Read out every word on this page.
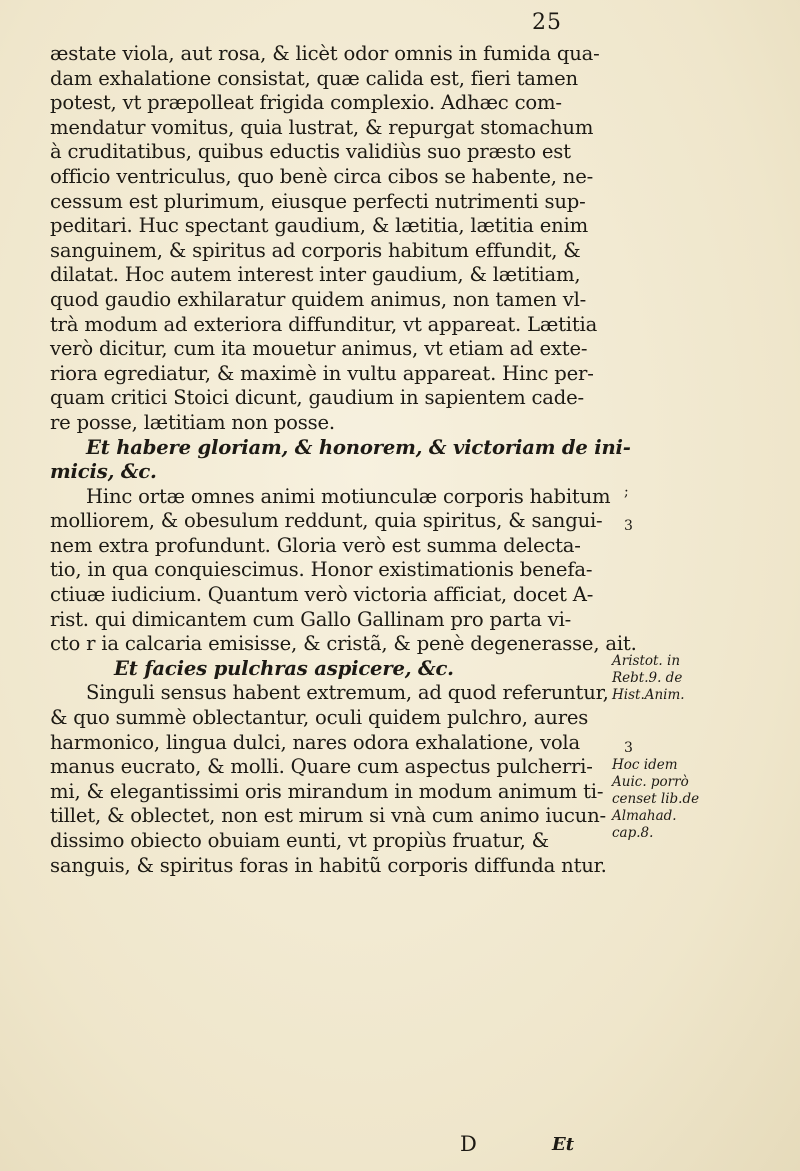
25
æstate viola, aut rosa, & licèt odor omnis in fumida qua-
dam exhalatione consistat, quæ calida est, fieri tamen
potest, vt præpolleat frigida complexio. Adhæc com-
mendatur vomitus, quia lustrat, & repurgat stomachum
à cruditatibus, quibus eductis validiùs suo præsto est
officio ventriculus, quo benè circa cibos se habente, ne-
cessum est plurimum, eiusque perfecti nutrimenti sup-
peditari. Huc spectant gaudium, & lætitia, lætitia enim
sanguinem, & spiritus ad corporis habitum effundit, &
dilatat. Hoc autem interest inter gaudium, & lætitiam,
quod gaudio exhilaratur quidem animus, non tamen vl-
trà modum ad exteriora diffunditur, vt appareat. Lætitia
verò dicitur, cum ita mouetur animus, vt etiam ad exte-
riora egrediatur, & maximè in vultu appareat. Hinc per-
quam critici Stoici dicunt, gaudium in sapientem cade-
re posse, lætitiam non posse.
Et habere gloriam, & honorem, & victoriam de ini-
micis, &c.
Hinc ortæ omnes animi motiunculæ corporis habitum
molliorem, & obesulum reddunt, quia spiritus, & sangui-
nem extra profundunt. Gloria verò est summa delecta-
tio, in qua conquiescimus. Honor existimationis benefa-
ctiuæ iudicium. Quantum verò victoria afficiat, docet A-
rist. qui dimicantem cum Gallo Gallinam pro parta vi-
cto r ia calcaria emisisse, & cristã, & penè degenerasse, ait.
Et facies pulchras aspicere, &c.
Singuli sensus habent extremum, ad quod referuntur,
& quo summè oblectantur, oculi quidem pulchro, aures
harmonico, lingua dulci, nares odora exhalatione, vola
manus eucrato, & molli. Quare cum aspectus pulcherri-
mi, & elegantissimi oris mirandum in modum animum ti-
tillet, & oblectet, non est mirum si vnà cum animo iucun-
dissimo obiecto obuiam eunti, vt propiùs fruatur, &
sanguis, & spiritus foras in habitũ corporis diffunda ntur.
Aristot. in
Rebt.9. de
Hist.Anim.
Hoc idem
Auic. porrò
censet lib.de
Almahad.
cap.8.
;
3
3
D	Et
